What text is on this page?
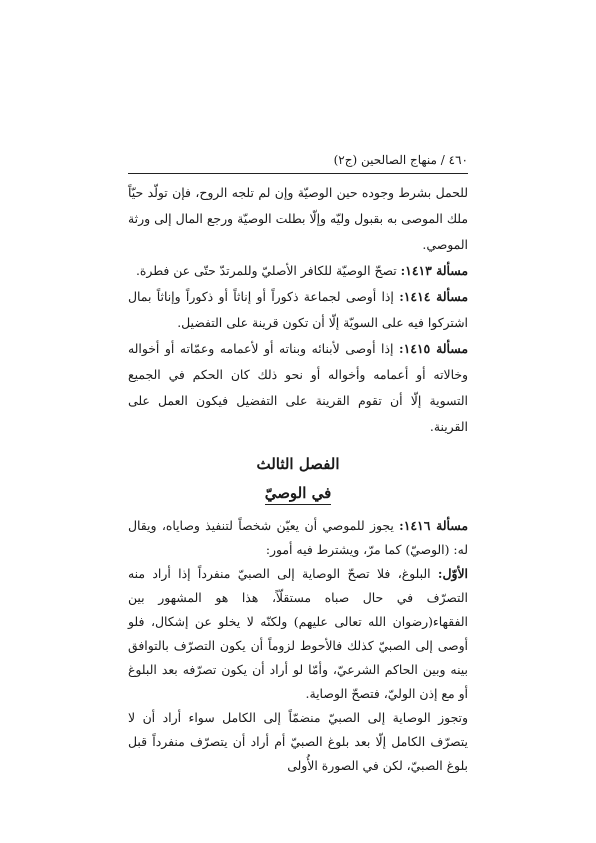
٤٦٠ / منهاج الصالحين (ج٢)

للحمل بشرط وجوده حين الوصيّة وإن لم تلجه الروح، فإن تولّد حيّاً ملك الموصى به بقبول وليّه وإلّا بطلت الوصيّة ورجع المال إلى ورثة الموصي.

مسألة ١٤١٣: تصحّ الوصيّة للكافر الأصليّ وللمرتدّ حتّى عن فطرة.

مسألة ١٤١٤: إذا أوصى لجماعة ذكوراً أو إناثاً أو ذكوراً وإناثاً بمال اشتركوا فيه على السويّة إلّا أن تكون قرينة على التفضيل.

مسألة ١٤١٥: إذا أوصى لأبنائه وبناته أو لأعمامه وعمّاته أو أخواله وخالاته أو أعمامه وأخواله أو نحو ذلك كان الحكم في الجميع التسوية إلّا أن تقوم القرينة على التفضيل فيكون العمل على القرينة.

الفصل الثالث
في الوصيّ

مسألة ١٤١٦: يجوز للموصي أن يعيّن شخصاً لتنفيذ وصاياه، ويقال له: (الوصيّ) كما مرّ، ويشترط فيه أمور:

الأوّل: البلوغ، فلا تصحّ الوصاية إلى الصبيّ منفرداً إذا أراد منه التصرّف في حال صباه مستقلّاً، هذا هو المشهور بين الفقهاء(رضوان الله تعالى عليهم) ولكنّه لا يخلو عن إشكال، فلو أوصى إلى الصبيّ كذلك فالأحوط لزوماً أن يكون التصرّف بالتوافق بينه وبين الحاكم الشرعيّ، وأمّا لو أراد أن يكون تصرّفه بعد البلوغ أو مع إذن الوليّ، فتصحّ الوصاية.

وتجوز الوصاية إلى الصبيّ منضمّاً إلى الكامل سواء أراد أن لا يتصرّف الكامل إلّا بعد بلوغ الصبيّ أم أراد أن يتصرّف منفرداً قبل بلوغ الصبيّ، لكن في الصورة الأُولى
